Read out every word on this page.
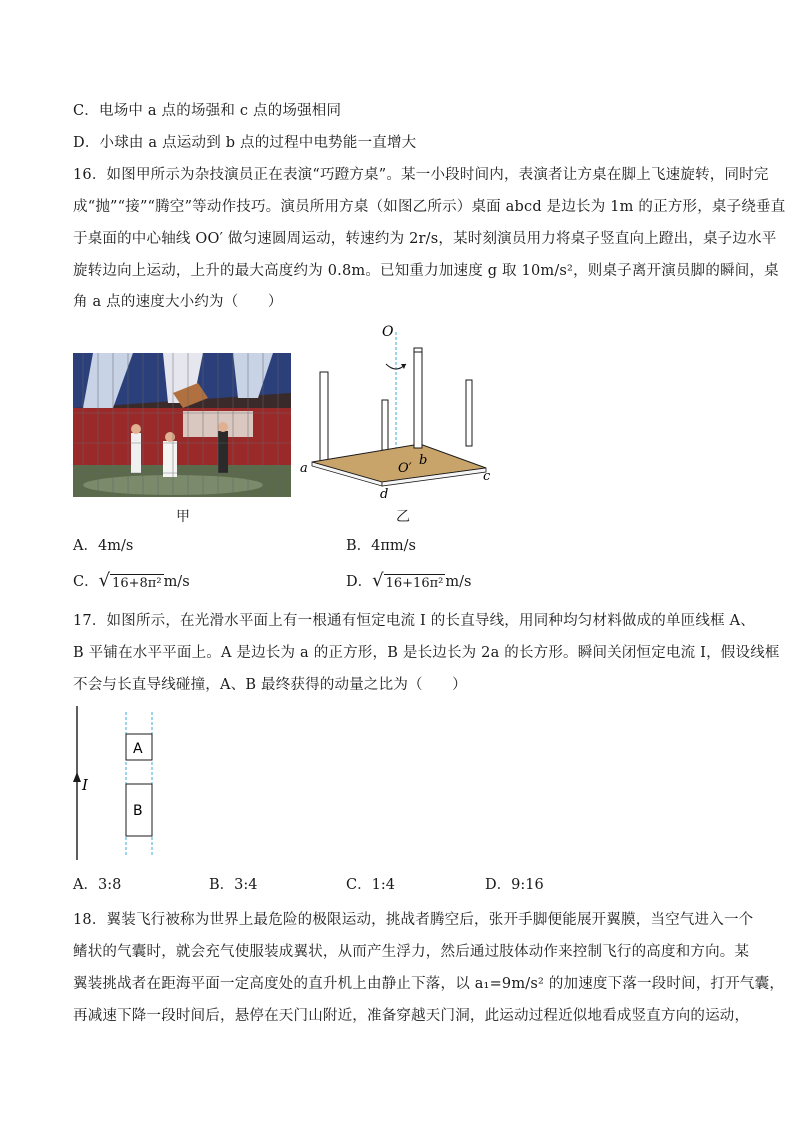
C．电场中 a 点的场强和 c 点的场强相同
D．小球由 a 点运动到 b 点的过程中电势能一直增大
16．如图甲所示为杂技演员正在表演“巧蹬方桌”。某一小段时间内，表演者让方桌在脚上飞速旋转，同时完
成“抛”“接”“腾空”等动作技巧。演员所用方桌（如图乙所示）桌面 abcd 是边长为 1m 的正方形，桌子绕垂直
于桌面的中心轴线 OO′ 做匀速圆周运动，转速约为 2r/s，某时刻演员用力将桌子竖直向上蹬出，桌子边水平
旋转边向上运动，上升的最大高度约为 0.8m。已知重力加速度 g 取 10m/s²，则桌子离开演员脚的瞬间，桌
角 a 点的速度大小约为（　　）
甲
O
O′
a
b
c
d
乙
A．4m/s	B．4πm/s
C． √ 16+8π² m/s	D． √ 16+16π² m/s
17．如图所示，在光滑水平面上有一根通有恒定电流 I 的长直导线，用同种均匀材料做成的单匝线框 A、
B 平铺在水平平面上。A 是边长为 a 的正方形，B 是长边长为 2a 的长方形。瞬间关闭恒定电流 I，假设线框
不会与长直导线碰撞，A、B 最终获得的动量之比为（　　）
I
A
B
A．3:8	B．3:4	C．1:4	D．9:16
18．翼装飞行被称为世界上最危险的极限运动，挑战者腾空后，张开手脚便能展开翼膜，当空气进入一个
鳍状的气囊时，就会充气使服装成翼状，从而产生浮力，然后通过肢体动作来控制飞行的高度和方向。某
翼装挑战者在距海平面一定高度处的直升机上由静止下落，以 a₁=9m/s² 的加速度下落一段时间，打开气囊，
再减速下降一段时间后，悬停在天门山附近，准备穿越天门洞，此运动过程近似地看成竖直方向的运动，
